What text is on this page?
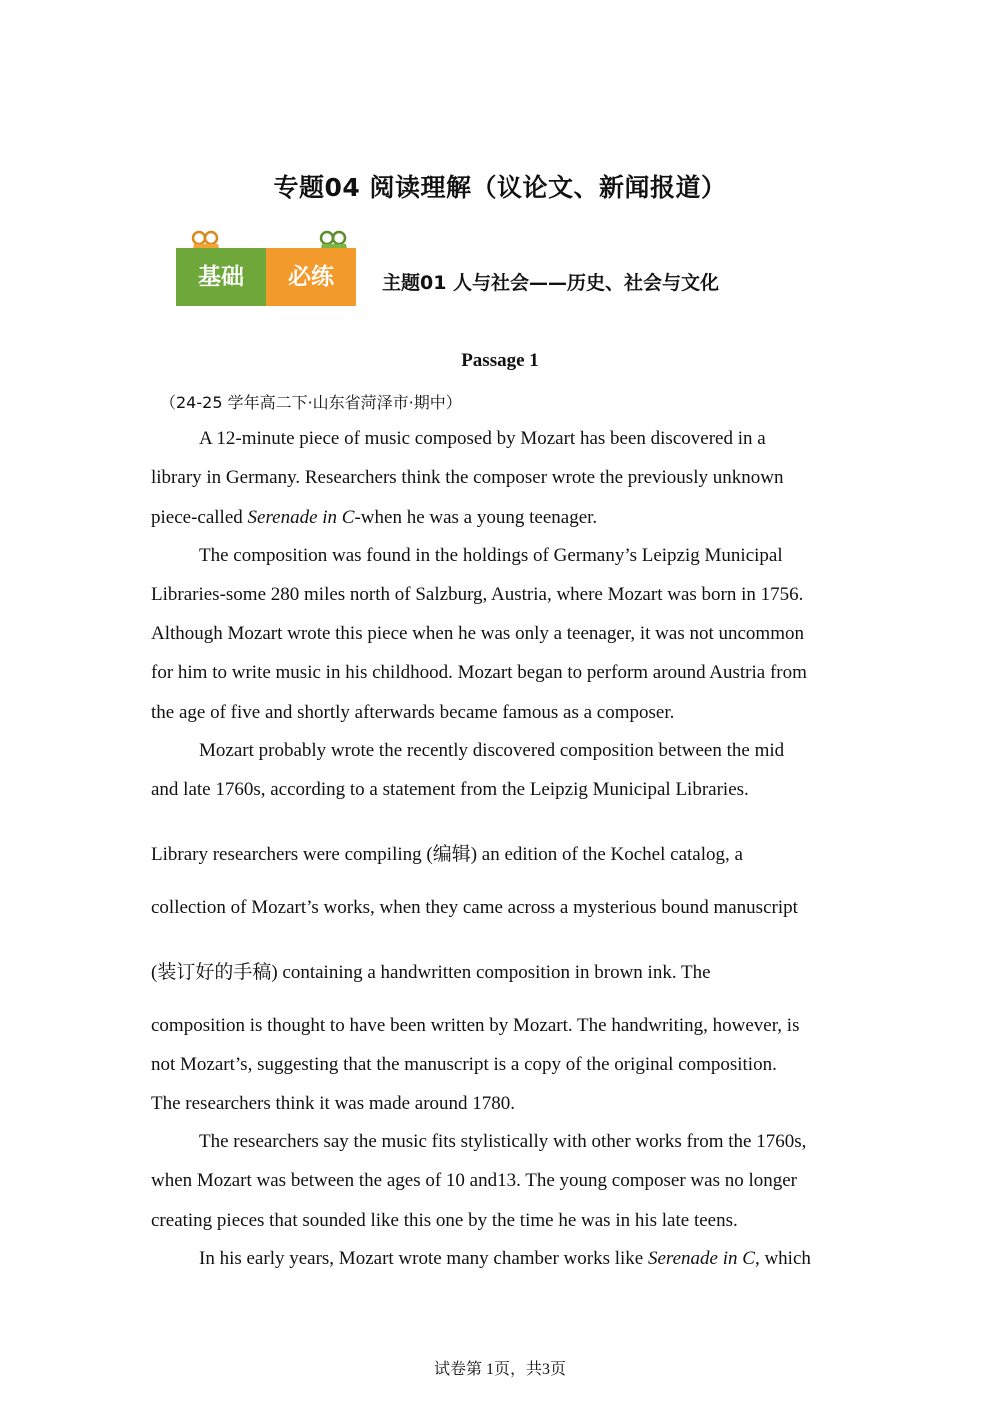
专题04 阅读理解（议论文、新闻报道）
基础	必练	主题01 人与社会——历史、社会与文化
Passage 1
（24-25 学年高二下·山东省菏泽市·期中）
A 12-minute piece of music composed by Mozart has been discovered in a
library in Germany. Researchers think the composer wrote the previously unknown
piece-called Serenade in C-when he was a young teenager.
The composition was found in the holdings of Germany’s Leipzig Municipal
Libraries-some 280 miles north of Salzburg, Austria, where Mozart was born in 1756.
Although Mozart wrote this piece when he was only a teenager, it was not uncommon
for him to write music in his childhood. Mozart began to perform around Austria from
the age of five and shortly afterwards became famous as a composer.
Mozart probably wrote the recently discovered composition between the mid
and late 1760s, according to a statement from the Leipzig Municipal Libraries.
Library researchers were compiling (编辑) an edition of the Kochel catalog, a
collection of Mozart’s works, when they came across a mysterious bound manuscript
(装订好的手稿) containing a handwritten composition in brown ink. The
composition is thought to have been written by Mozart. The handwriting, however, is
not Mozart’s, suggesting that the manuscript is a copy of the original composition.
The researchers think it was made around 1780.
The researchers say the music fits stylistically with other works from the 1760s,
when Mozart was between the ages of 10 and13. The young composer was no longer
creating pieces that sounded like this one by the time he was in his late teens.
In his early years, Mozart wrote many chamber works like Serenade in C, which
试卷第 1页，共3页
